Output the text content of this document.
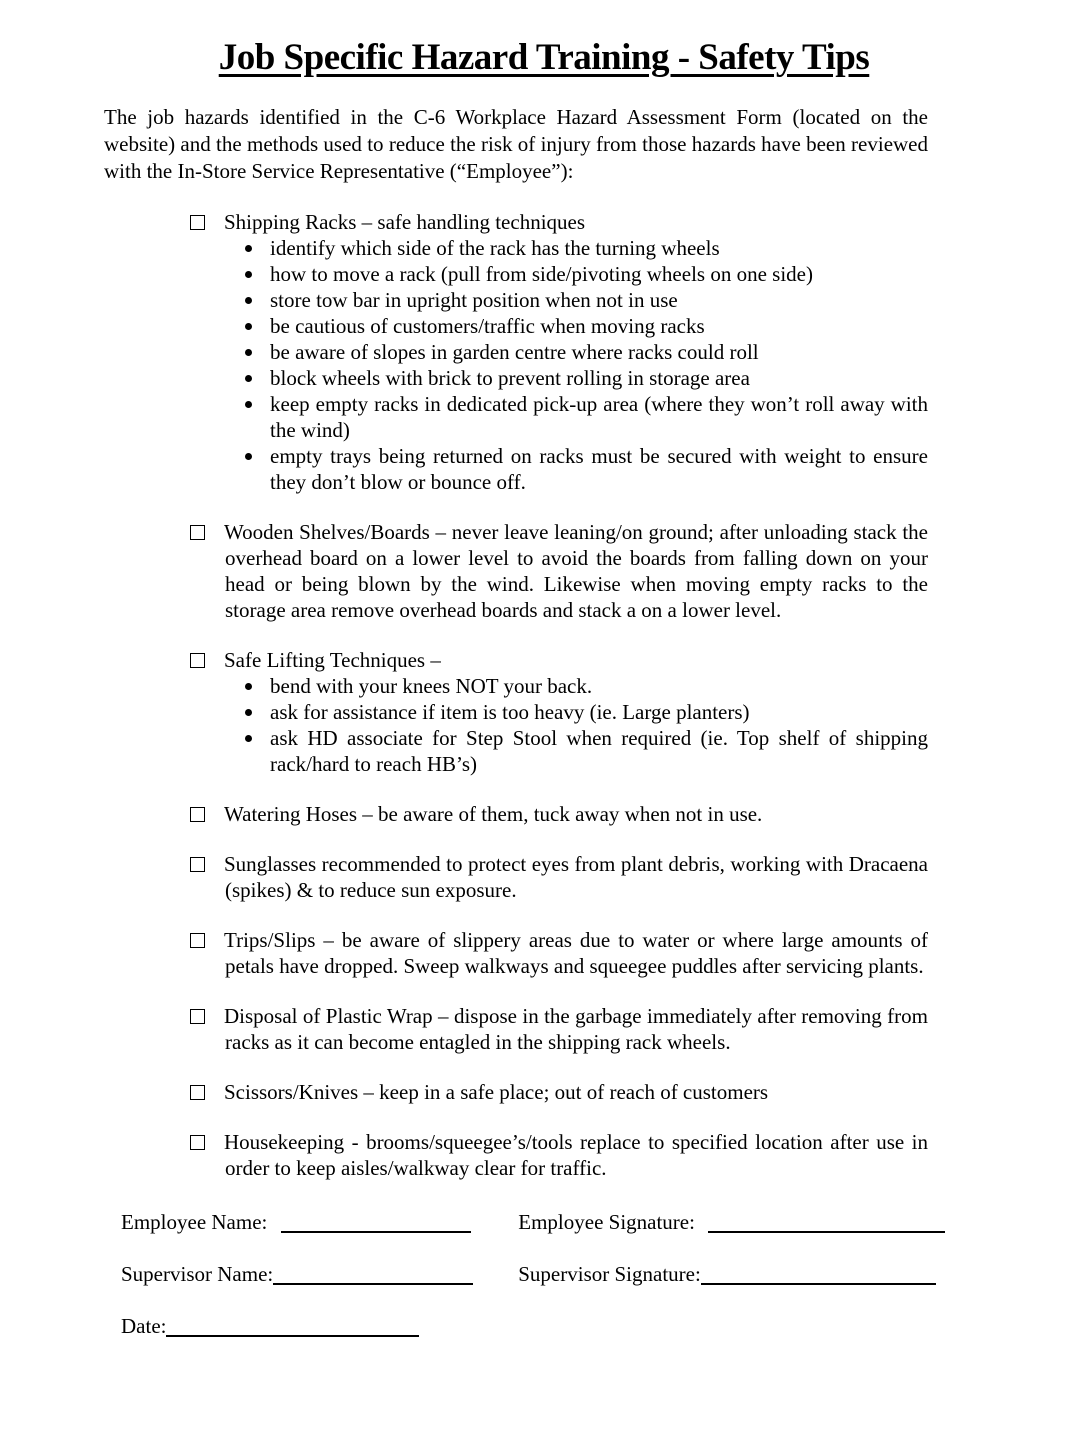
Job Specific Hazard Training - Safety Tips
The job hazards identified in the C-6 Workplace Hazard Assessment Form (located on the website) and the methods used to reduce the risk of injury from those hazards have been reviewed with the In-Store Service Representative (“Employee”):
Shipping Racks – safe handling techniques
identify which side of the rack has the turning wheels
how to move a rack (pull from side/pivoting wheels on one side)
store tow bar in upright position when not in use
be cautious of customers/traffic when moving racks
be aware of slopes in garden centre where racks could roll
block wheels with brick to prevent rolling in storage area
keep empty racks in dedicated pick-up area (where they won’t roll away with the wind)
empty trays being returned on racks must be secured with weight to ensure they don’t blow or bounce off.
Wooden Shelves/Boards – never leave leaning/on ground; after unloading stack the overhead board on a lower level to avoid the boards from falling down on your head or being blown by the wind. Likewise when moving empty racks to the storage area remove overhead boards and stack a on a lower level.
Safe Lifting Techniques –
bend with your knees NOT your back.
ask for assistance if item is too heavy (ie. Large planters)
ask HD associate for Step Stool when required (ie. Top shelf of shipping rack/hard to reach HB’s)
Watering Hoses – be aware of them, tuck away when not in use.
Sunglasses recommended to protect eyes from plant debris, working with Dracaena (spikes) & to reduce sun exposure.
Trips/Slips – be aware of slippery areas due to water or where large amounts of petals have dropped. Sweep walkways and squeegee puddles after servicing plants.
Disposal of Plastic Wrap – dispose in the garbage immediately after removing from racks as it can become entagled in the shipping rack wheels.
Scissors/Knives – keep in a safe place; out of reach of customers
Housekeeping - brooms/squeegee’s/tools replace to specified location after use in order to keep aisles/walkway clear for traffic.
Employee Name:	Employee Signature:
Supervisor Name:	Supervisor Signature:
Date:
